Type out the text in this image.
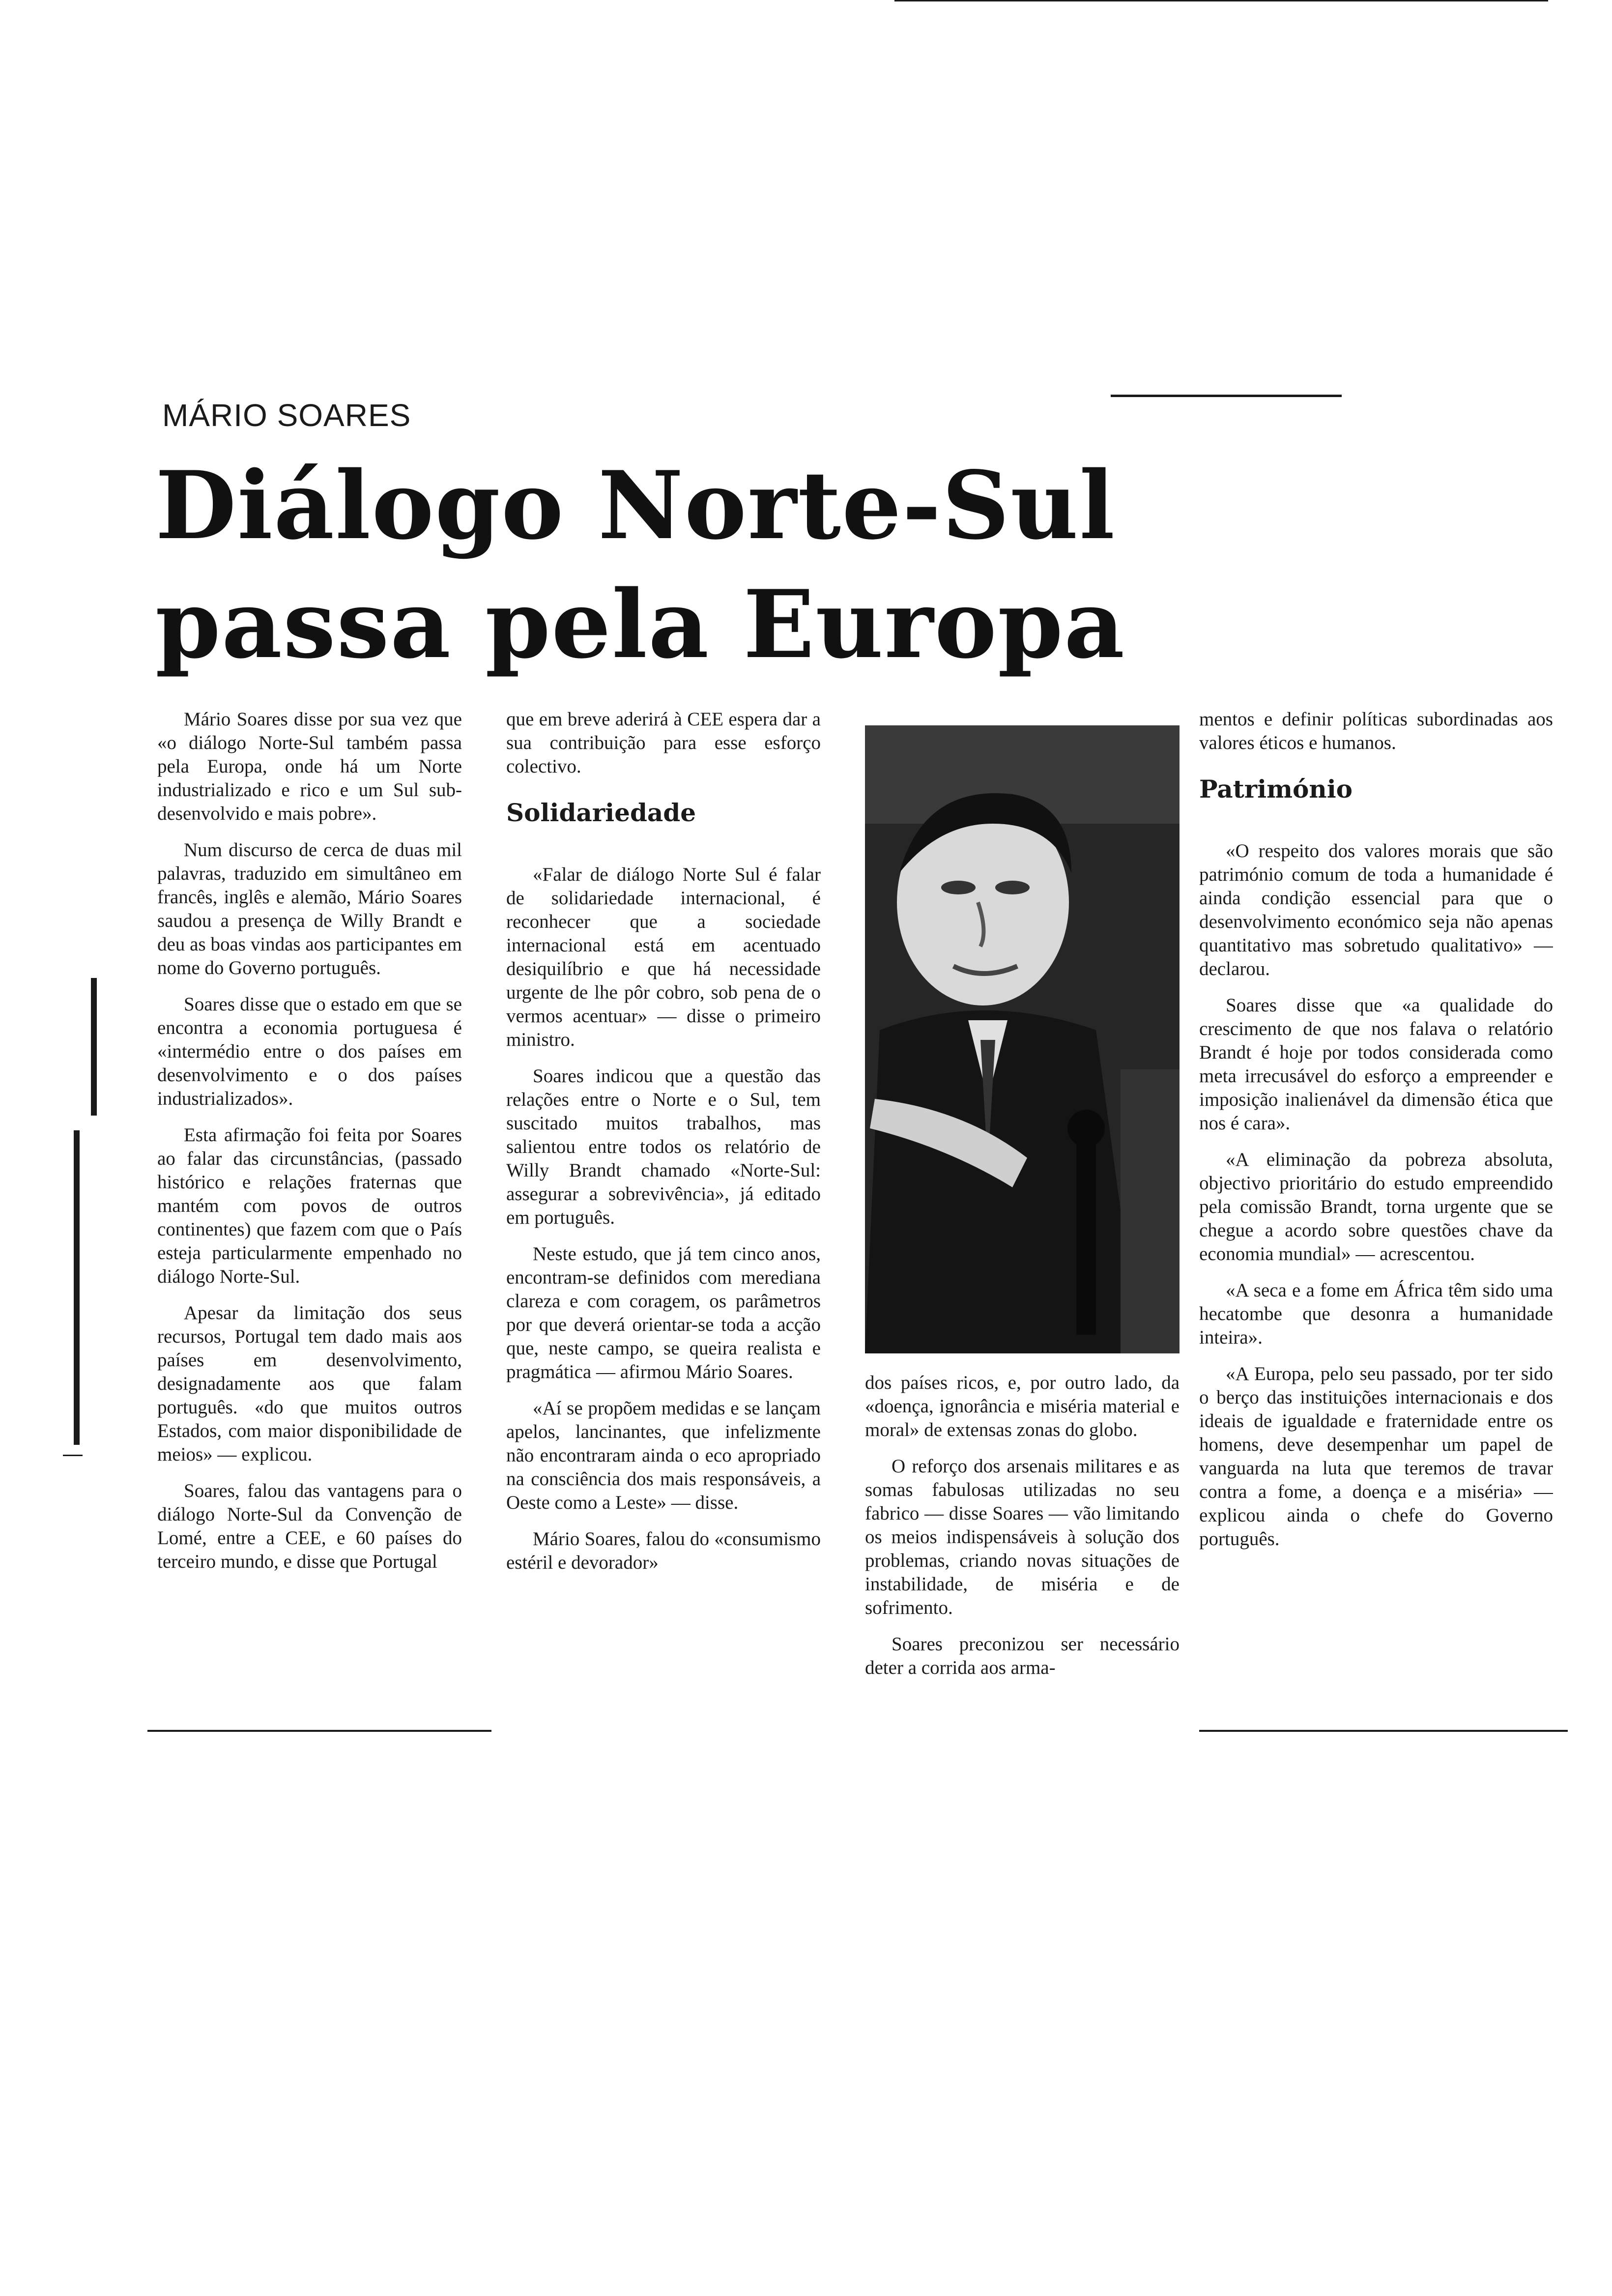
MÁRIO SOARES
Diálogo Norte-Sul
passa pela Europa

Mário Soares disse por sua vez que «o diálogo Norte-Sul também passa pela Europa, onde há um Norte industrializado e rico e um Sul sub-desenvolvido e mais pobre».

Num discurso de cerca de duas mil palavras, traduzido em simultâneo em francês, inglês e alemão, Mário Soares saudou a presença de Willy Brandt e deu as boas vindas aos participantes em nome do Governo português.

Soares disse que o estado em que se encontra a economia portuguesa é «intermédio entre o dos países em desenvolvimento e o dos países industrializados».

Esta afirmação foi feita por Soares ao falar das circunstâncias, (passado histórico e relações fraternas que mantém com povos de outros continentes) que fazem com que o País esteja particularmente empenhado no diálogo Norte-Sul.

Apesar da limitação dos seus recursos, Portugal tem dado mais aos países em desenvolvimento, designadamente aos que falam português. «do que muitos outros Estados, com maior disponibilidade de meios» — explicou.

Soares, falou das vantagens para o diálogo Norte-Sul da Convenção de Lomé, entre a CEE, e 60 países do terceiro mundo, e disse que Portugal

que em breve aderirá à CEE espera dar a sua contribuição para esse esforço colectivo.

Solidariedade

«Falar de diálogo Norte Sul é falar de solidariedade internacional, é reconhecer que a sociedade internacional está em acentuado desiquilíbrio e que há necessidade urgente de lhe pôr cobro, sob pena de o vermos acentuar» — disse o primeiro ministro.

Soares indicou que a questão das relações entre o Norte e o Sul, tem suscitado muitos trabalhos, mas salientou entre todos os relatório de Willy Brandt chamado «Norte-Sul: assegurar a sobrevivência», já editado em português.

Neste estudo, que já tem cinco anos, encontram-se definidos com merediana clareza e com coragem, os parâmetros por que deverá orientar-se toda a acção que, neste campo, se queira realista e pragmática — afirmou Mário Soares.

«Aí se propõem medidas e se lançam apelos, lancinantes, que infelizmente não encontraram ainda o eco apropriado na consciência dos mais responsáveis, a Oeste como a Leste» — disse.

Mário Soares, falou do «consumismo estéril e devorador»

dos países ricos, e, por outro lado, da «doença, ignorância e miséria material e moral» de extensas zonas do globo.

O reforço dos arsenais militares e as somas fabulosas utilizadas no seu fabrico — disse Soares — vão limitando os meios indispensáveis à solução dos problemas, criando novas situações de instabilidade, de miséria e de sofrimento.

Soares preconizou ser necessário deter a corrida aos arma-

mentos e definir políticas subordinadas aos valores éticos e humanos.

Património

«O respeito dos valores morais que são património comum de toda a humanidade é ainda condição essencial para que o desenvolvimento económico seja não apenas quantitativo mas sobretudo qualitativo» — declarou.

Soares disse que «a qualidade do crescimento de que nos falava o relatório Brandt é hoje por todos considerada como meta irrecusável do esforço a empreender e imposição inalienável da dimensão ética que nos é cara».

«A eliminação da pobreza absoluta, objectivo prioritário do estudo empreendido pela comissão Brandt, torna urgente que se chegue a acordo sobre questões chave da economia mundial» — acrescentou.

«A seca e a fome em África têm sido uma hecatombe que desonra a humanidade inteira».

«A Europa, pelo seu passado, por ter sido o berço das instituições internacionais e dos ideais de igualdade e fraternidade entre os homens, deve desempenhar um papel de vanguarda na luta que teremos de travar contra a fome, a doença e a miséria» — explicou ainda o chefe do Governo português.
